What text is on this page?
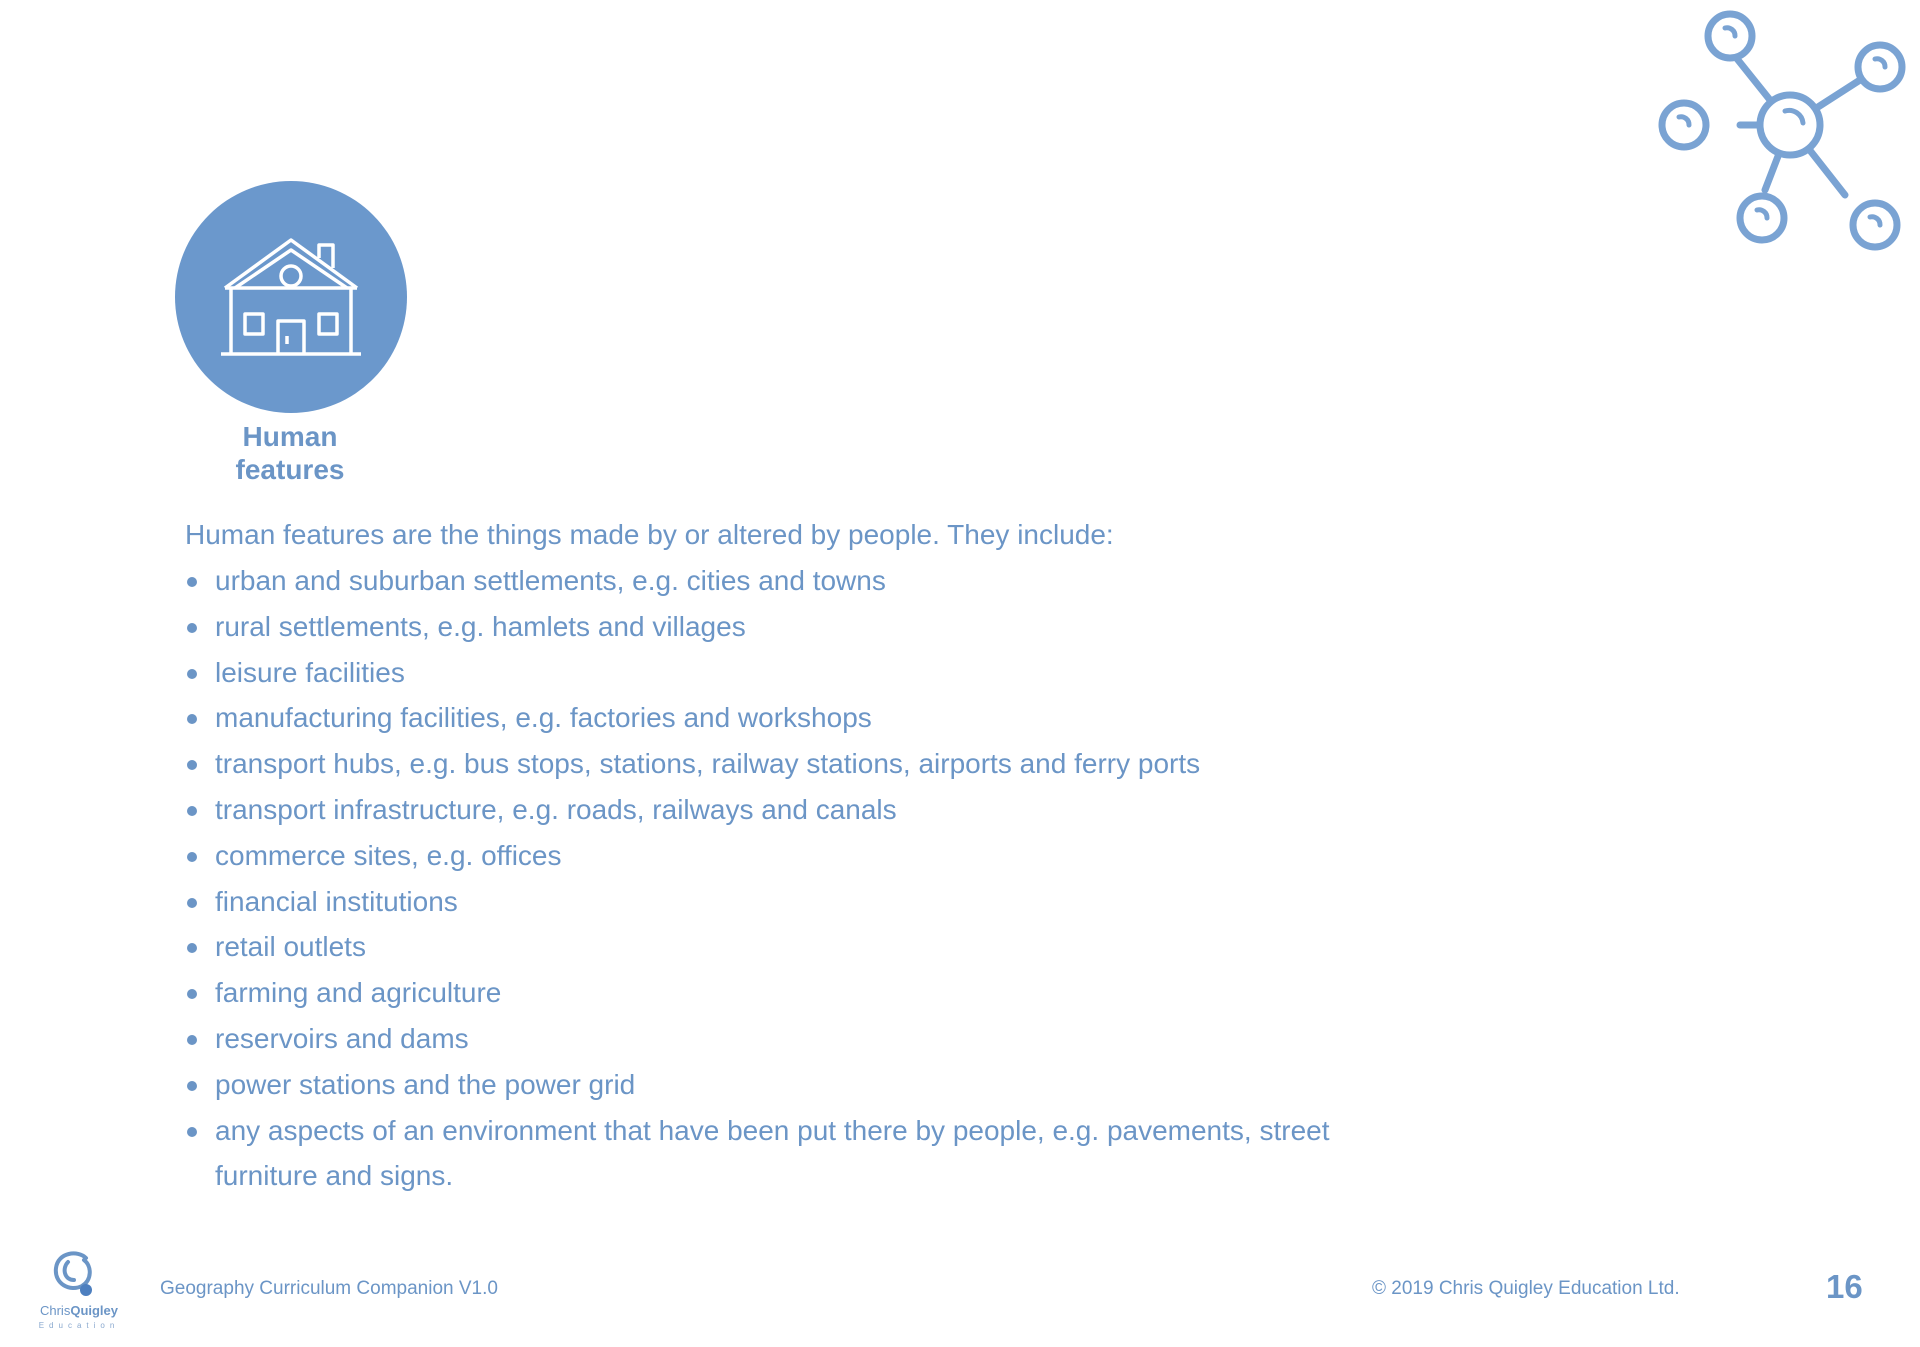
Human
features
Human features are the things made by or altered by people. They include:
urban and suburban settlements, e.g. cities and towns
rural settlements, e.g. hamlets and villages
leisure facilities
manufacturing facilities, e.g. factories and workshops
transport hubs, e.g. bus stops, stations, railway stations, airports and ferry ports
transport infrastructure, e.g. roads, railways and canals
commerce sites, e.g. offices
financial institutions
retail outlets
farming and agriculture
reservoirs and dams
power stations and the power grid
any aspects of an environment that have been put there by people, e.g. pavements, street furniture and signs.
ChrisQuigley
Education
Geography Curriculum Companion V1.0	© 2019 Chris Quigley Education Ltd.	16
